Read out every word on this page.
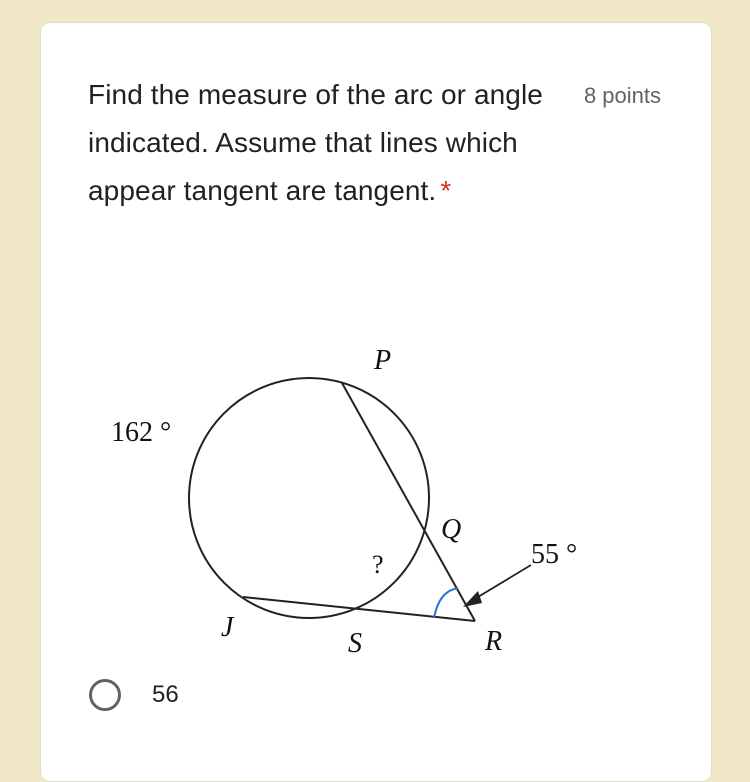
Find the measure of the arc or angle indicated. Assume that lines which appear tangent are tangent. *
8 points
P
Q
R
S
J
?
162 °
55 °
56
